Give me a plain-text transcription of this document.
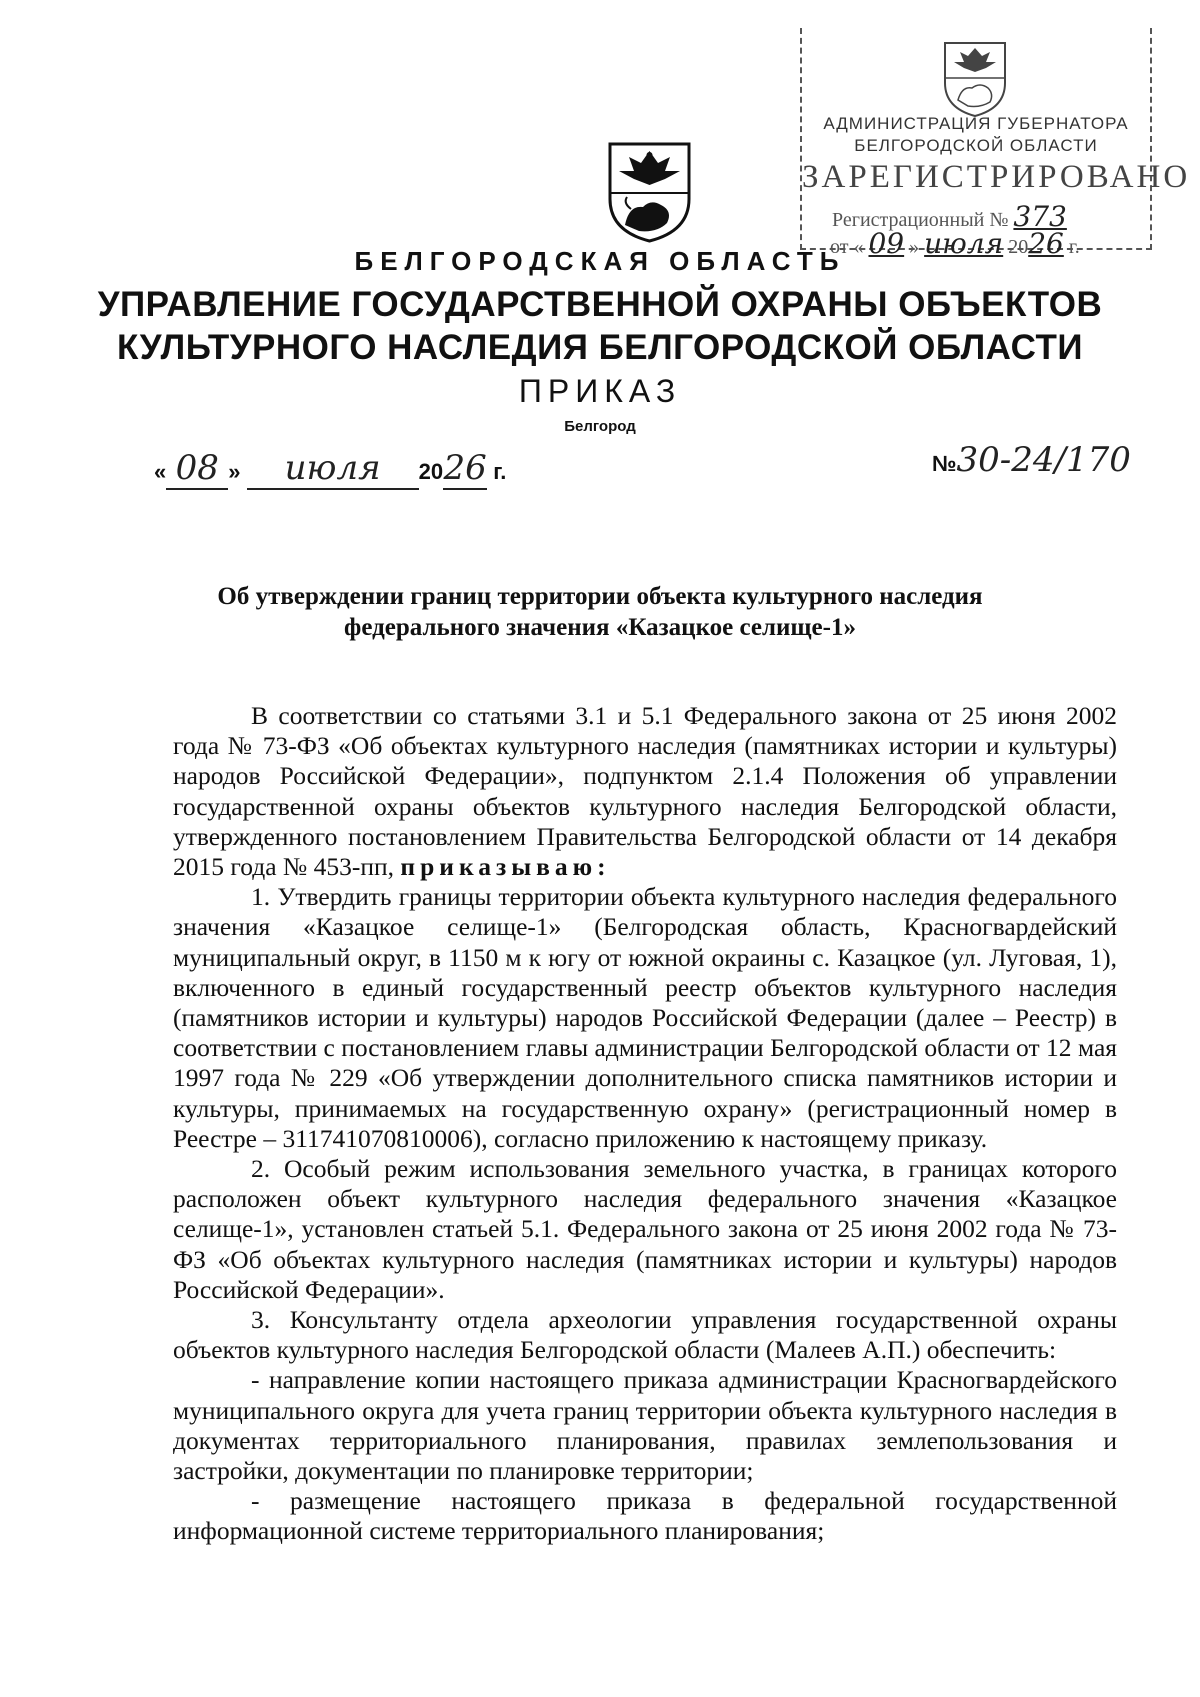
АДМИНИСТРАЦИЯ ГУБЕРНАТОРА
БЕЛГОРОДСКОЙ ОБЛАСТИ
ЗАРЕГИСТРИРОВАНО
Регистрационный № 373
от « 09 » июля 2026 г.
БЕЛГОРОДСКАЯ ОБЛАСТЬ
УПРАВЛЕНИЕ ГОСУДАРСТВЕННОЙ ОХРАНЫ ОБЪЕКТОВ
КУЛЬТУРНОГО НАСЛЕДИЯ БЕЛГОРОДСКОЙ ОБЛАСТИ
ПРИКАЗ
Белгород
« 08 » июля 2026 г.	№30-24/170
Об утверждении границ территории объекта культурного наследия
федерального значения «Казацкое селище-1»

В соответствии со статьями 3.1 и 5.1 Федерального закона от 25 июня 2002 года № 73-ФЗ «Об объектах культурного наследия (памятниках истории и культуры) народов Российской Федерации», подпунктом 2.1.4 Положения об управлении государственной охраны объектов культурного наследия Белгородской области, утвержденного постановлением Правительства Белгородской области от 14 декабря 2015 года № 453-пп, приказываю:

1. Утвердить границы территории объекта культурного наследия федерального значения «Казацкое селище-1» (Белгородская область, Красногвардейский муниципальный округ, в 1150 м к югу от южной окраины с. Казацкое (ул. Луговая, 1), включенного в единый государственный реестр объектов культурного наследия (памятников истории и культуры) народов Российской Федерации (далее – Реестр) в соответствии с постановлением главы администрации Белгородской области от 12 мая 1997 года № 229 «Об утверждении дополнительного списка памятников истории и культуры, принимаемых на государственную охрану» (регистрационный номер в Реестре – 311741070810006), согласно приложению к настоящему приказу.

2. Особый режим использования земельного участка, в границах которого расположен объект культурного наследия федерального значения «Казацкое селище-1», установлен статьей 5.1. Федерального закона от 25 июня 2002 года № 73-ФЗ «Об объектах культурного наследия (памятниках истории и культуры) народов Российской Федерации».

3. Консультанту отдела археологии управления государственной охраны объектов культурного наследия Белгородской области (Малеев А.П.) обеспечить:

- направление копии настоящего приказа администрации Красногвардейского муниципального округа для учета границ территории объекта культурного наследия в документах территориального планирования, правилах землепользования и застройки, документации по планировке территории;

- размещение настоящего приказа в федеральной государственной информационной системе территориального планирования;
